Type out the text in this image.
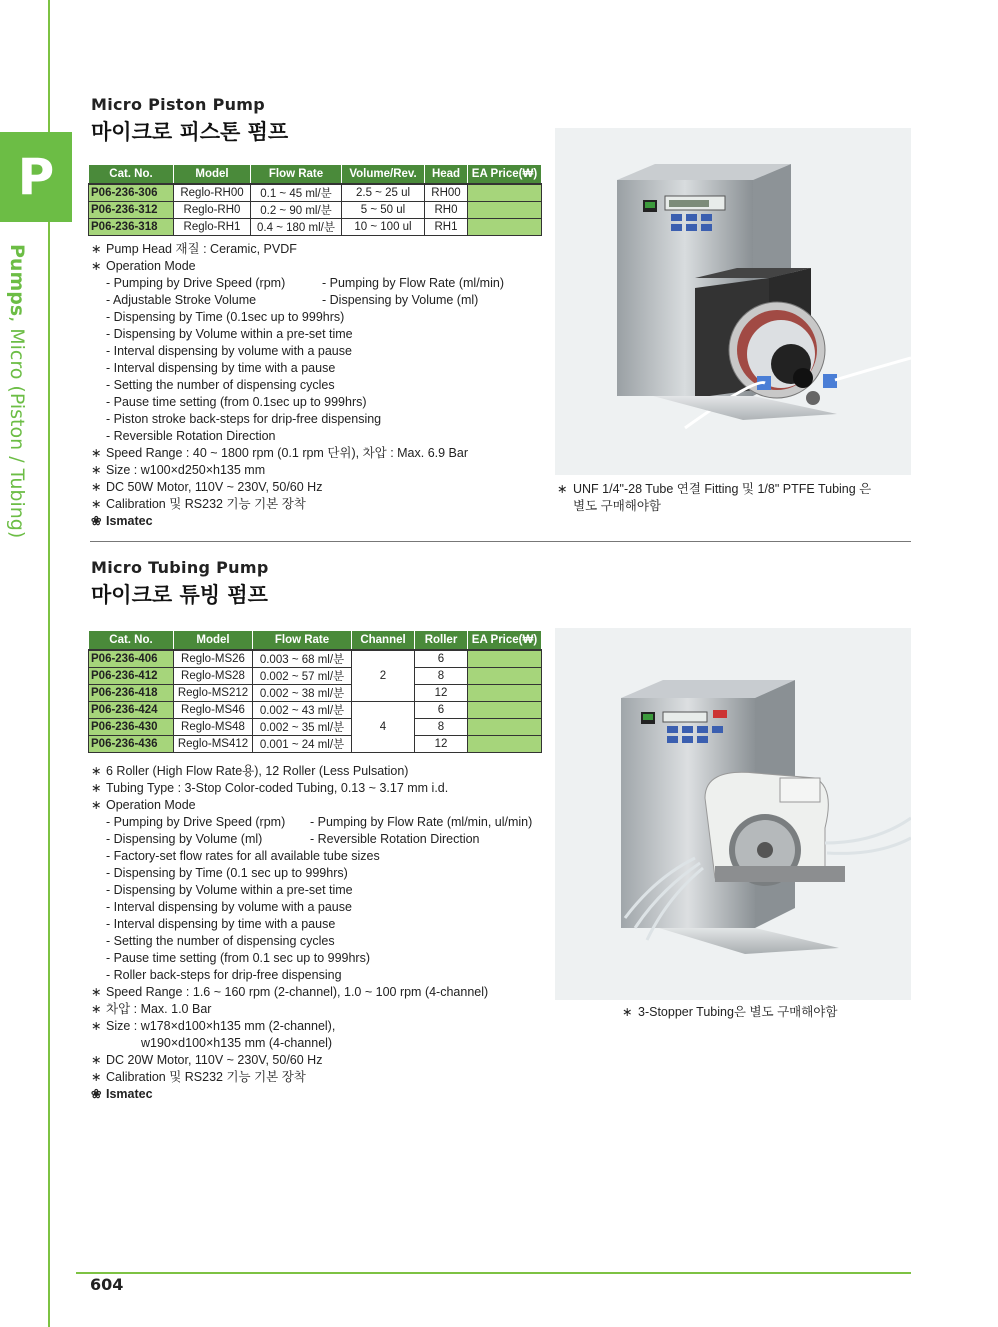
P
Pumps, Micro (Piston / Tubing)
Micro Piston Pump
마이크로 피스톤 펌프
Cat. No.	Model	Flow Rate	Volume/Rev.	Head	EA Price(₩)
P06-236-306	Reglo-RH00	0.1 ~ 45 ml/분	2.5 ~ 25 ul	RH00	
P06-236-312	Reglo-RH0	0.2 ~ 90 ml/분	5 ~ 50 ul	RH0	
P06-236-318	Reglo-RH1	0.4 ~ 180 ml/분	10 ~ 100 ul	RH1	
∗ Pump Head 재질 : Ceramic, PVDF
∗ Operation Mode
- Pumping by Drive Speed (rpm)	- Pumping by Flow Rate (ml/min)
- Adjustable Stroke Volume	- Dispensing by Volume (ml)
- Dispensing by Time (0.1sec up to 999hrs)
- Dispensing by Volume within a pre-set time
- Interval dispensing by volume with a pause
- Interval dispensing by time with a pause
- Setting the number of dispensing cycles
- Pause time setting (from 0.1sec up to 999hrs)
- Piston stroke back-steps for drip-free dispensing
- Reversible Rotation Direction
∗ Speed Range : 40 ~ 1800 rpm (0.1 rpm 단위), 차압 : Max. 6.9 Bar
∗ Size : w100×d250×h135 mm
∗ DC 50W Motor, 110V ~ 230V, 50/60 Hz
∗ Calibration 및 RS232 기능 기본 장착
❀ Ismatec
∗ UNF 1/4"-28 Tube 연결 Fitting 및 1/8" PTFE Tubing 은
별도 구매해야함
Micro Tubing Pump
마이크로 튜빙 펌프
Cat. No.	Model	Flow Rate	Channel	Roller	EA Price(₩)
P06-236-406	Reglo-MS26	0.003 ~ 68 ml/분	2	6	
P06-236-412	Reglo-MS28	0.002 ~ 57 ml/분		8	
P06-236-418	Reglo-MS212	0.002 ~ 38 ml/분		12	
P06-236-424	Reglo-MS46	0.002 ~ 43 ml/분	4	6	
P06-236-430	Reglo-MS48	0.002 ~ 35 ml/분		8	
P06-236-436	Reglo-MS412	0.001 ~ 24 ml/분		12	
∗ 6 Roller (High Flow Rate용), 12 Roller (Less Pulsation)
∗ Tubing Type : 3-Stop Color-coded Tubing, 0.13 ~ 3.17 mm i.d.
∗ Operation Mode
- Pumping by Drive Speed (rpm) - Pumping by Flow Rate (ml/min, ul/min)
- Dispensing by Volume (ml)	- Reversible Rotation Direction
- Factory-set flow rates for all available tube sizes
- Dispensing by Time (0.1 sec up to 999hrs)
- Dispensing by Volume within a pre-set time
- Interval dispensing by volume with a pause
- Interval dispensing by time with a pause
- Setting the number of dispensing cycles
- Pause time setting (from 0.1 sec up to 999hrs)
- Roller back-steps for drip-free dispensing
∗ Speed Range : 1.6 ~ 160 rpm (2-channel), 1.0 ~ 100 rpm (4-channel)
∗ 차압 : Max. 1.0 Bar
∗ Size : w178×d100×h135 mm (2-channel),
w190×d100×h135 mm (4-channel)
∗ DC 20W Motor, 110V ~ 230V, 50/60 Hz
∗ Calibration 및 RS232 기능 기본 장착
❀ Ismatec
∗ 3-Stopper Tubing은 별도 구매해야함
604
